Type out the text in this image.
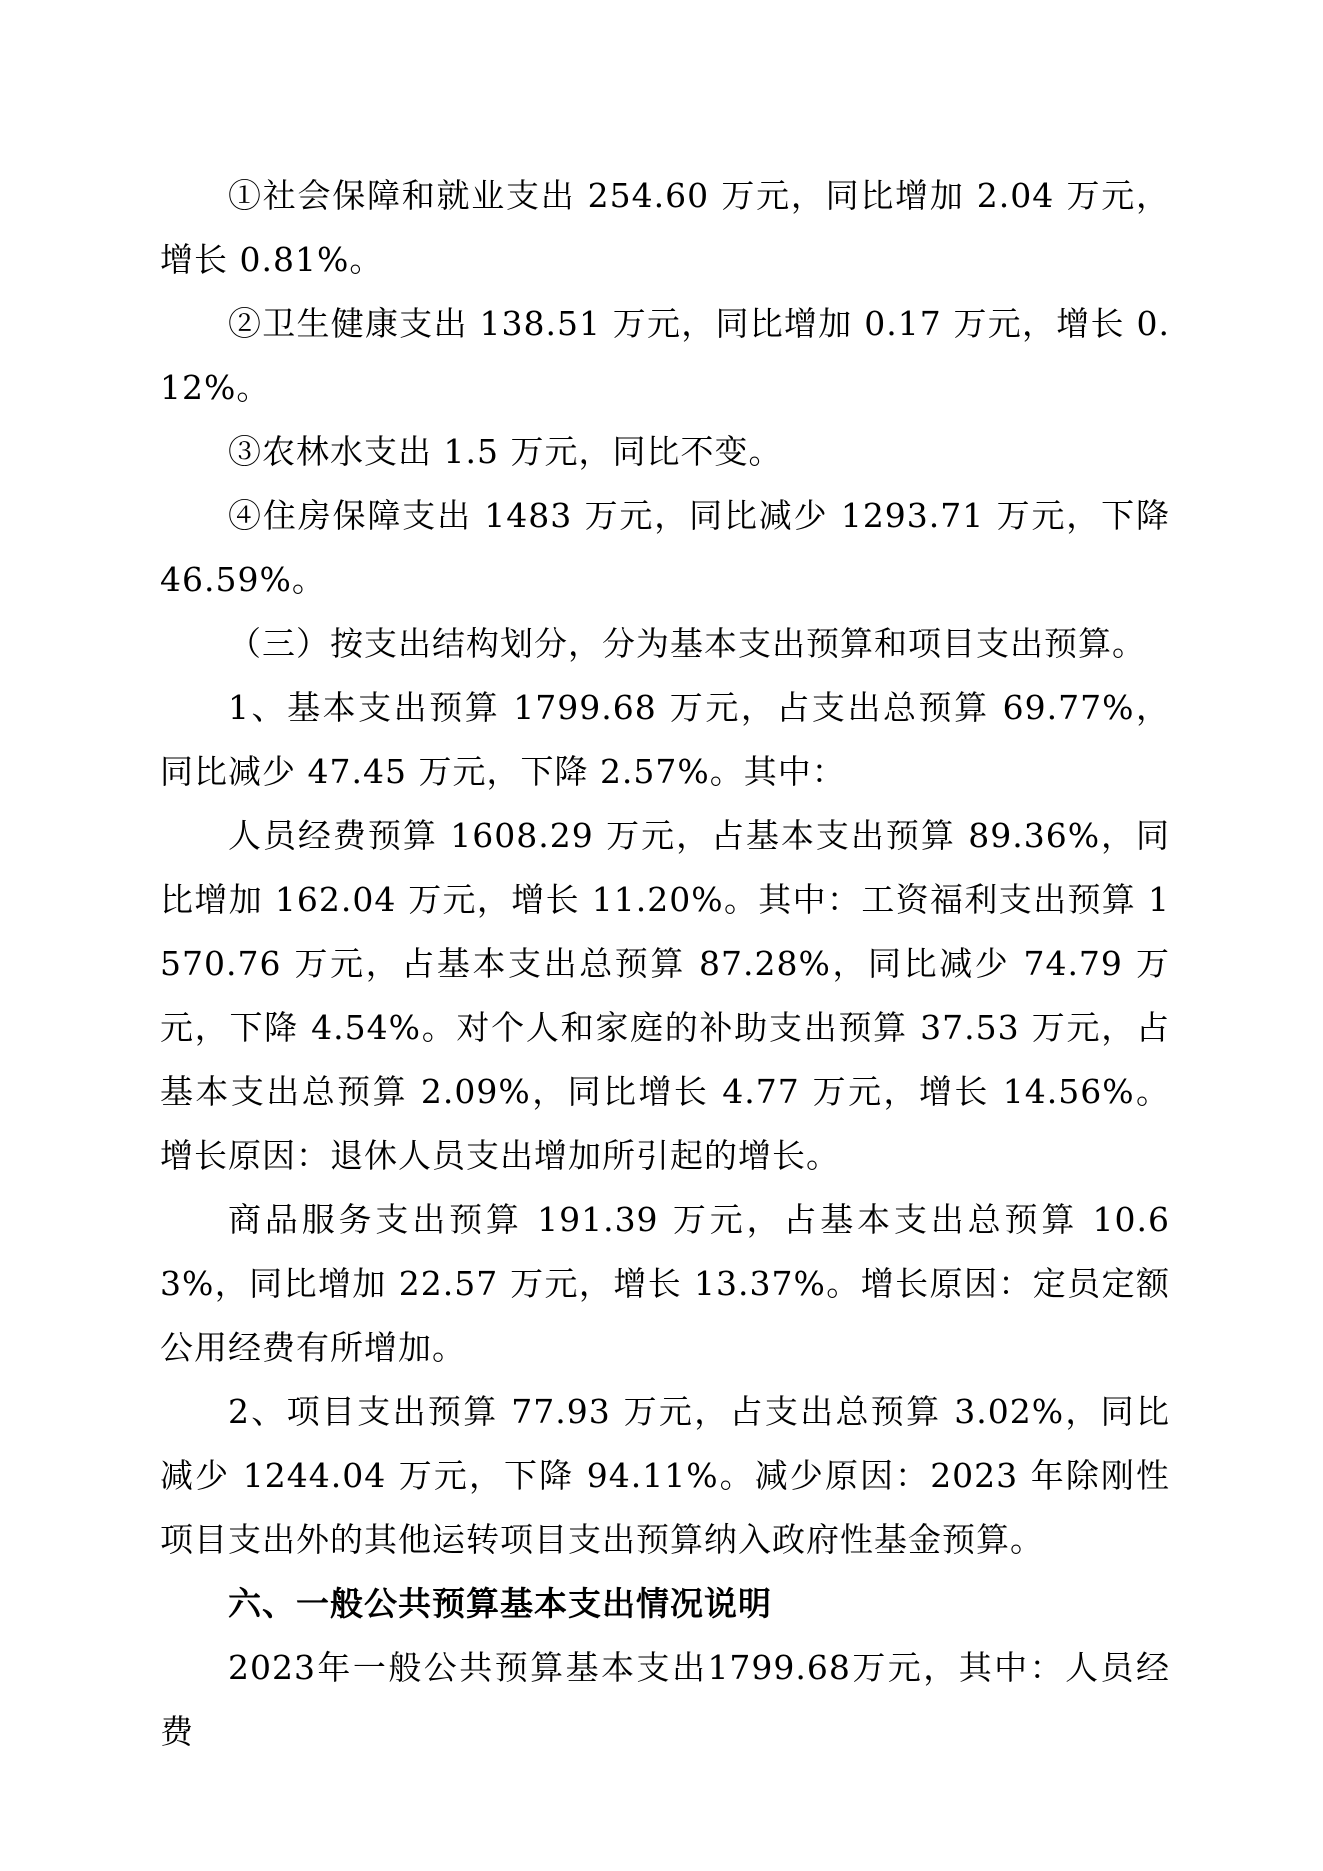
①社会保障和就业支出 254.60 万元，同比增加 2.04 万元，增长 0.81%。

②卫生健康支出 138.51 万元，同比增加 0.17 万元，增长 0.12%。

③农林水支出 1.5 万元，同比不变。

④住房保障支出 1483 万元，同比减少 1293.71 万元，下降 46.59%。

（三）按支出结构划分，分为基本支出预算和项目支出预算。

1、基本支出预算 1799.68 万元，占支出总预算 69.77%，同比减少 47.45 万元，下降 2.57%。其中：

人员经费预算 1608.29 万元，占基本支出预算 89.36%，同比增加 162.04 万元，增长 11.20%。其中：工资福利支出预算 1570.76 万元，占基本支出总预算 87.28%，同比减少 74.79 万元，下降 4.54%。对个人和家庭的补助支出预算 37.53 万元，占基本支出总预算 2.09%，同比增长 4.77 万元，增长 14.56%。增长原因：退休人员支出增加所引起的增长。

商品服务支出预算 191.39 万元，占基本支出总预算 10.63%，同比增加 22.57 万元，增长 13.37%。增长原因：定员定额公用经费有所增加。

2、项目支出预算 77.93 万元，占支出总预算 3.02%，同比减少 1244.04 万元，下降 94.11%。减少原因：2023 年除刚性项目支出外的其他运转项目支出预算纳入政府性基金预算。

六、一般公共预算基本支出情况说明

2023年一般公共预算基本支出1799.68万元，其中：人员经费
